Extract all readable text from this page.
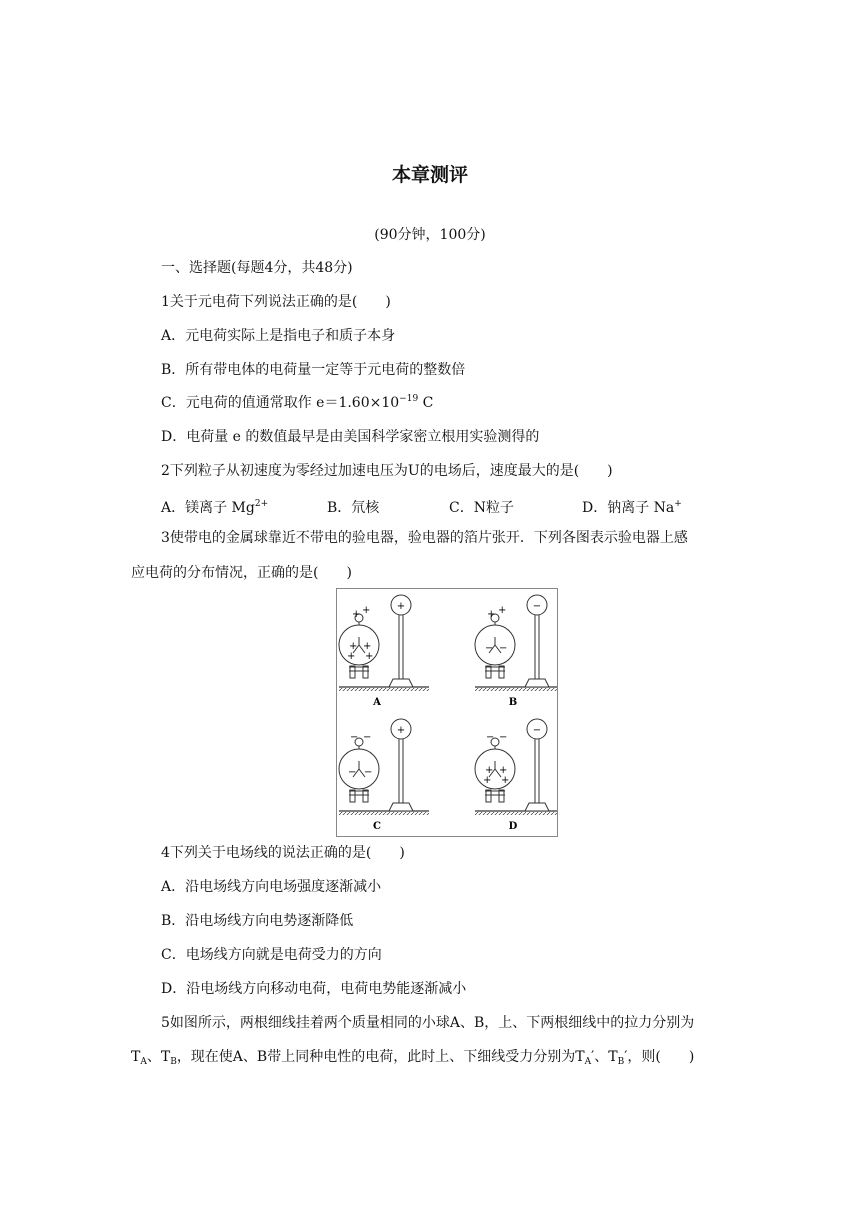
本章测评
(90分钟，100分)
一、选择题(每题4分，共48分)
1关于元电荷下列说法正确的是(　　)
A．元电荷实际上是指电子和质子本身
B．所有带电体的电荷量一定等于元电荷的整数倍
C．元电荷的值通常取作 $e=1.60\times 10^{-19}$ C
D．电荷量 e 的数值最早是由美国科学家密立根用实验测得的
2下列粒子从初速度为零经过加速电压为U的电场后，速度最大的是(　　)
A．镁离子 $Mg^{2+}$	B．氘核	C．N粒子	D．钠离子 Na+
3使带电的金属球靠近不带电的验电器，验电器的箔片张开．下列各图表示验电器上感
应电荷的分布情况，正确的是(　　)
+
+ +
+ +
+ +
A
−
+ +
− −
B
+
− −
− −
C
−
− −
+ +
+ +
D
4下列关于电场线的说法正确的是(　　)
A．沿电场线方向电场强度逐渐减小
B．沿电场线方向电势逐渐降低
C．电场线方向就是电荷受力的方向
D．沿电场线方向移动电荷，电荷电势能逐渐减小
5如图所示，两根细线挂着两个质量相同的小球A、B，上、下两根细线中的拉力分别为
$T_A$、$T_B$，现在使A、B带上同种电性的电荷，此时上、下细线受力分别为$T_A'$、$T_B'$，则(　　)
